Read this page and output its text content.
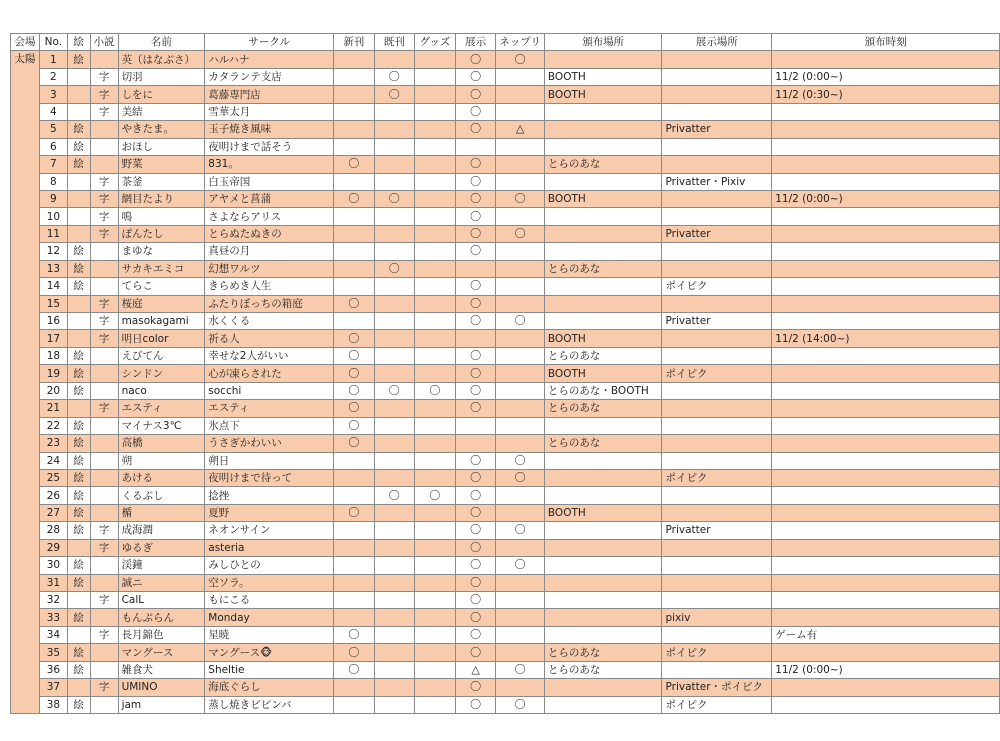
会場	No.	絵	小説	名前	サークル	新刊	既刊	グッズ	展示	ネップリ	頒布場所	展示場所	頒布時刻
太陽	1	絵		英（はなぶさ）	ハルハナ				〇	〇			
	2		字	切羽	カタランテ支店		〇		〇		BOOTH		11/2 (0:00~)
	3		字	しをに	葛藤専門店		〇		〇		BOOTH		11/2 (0:30~)
	4		字	美結	雪華太月				〇				
	5	絵		やきたま。	玉子焼き風味				〇	△		Privatter	
	6	絵		おほし	夜明けまで話そう								
	7	絵		野菜	831。	〇			〇		とらのあな		
	8		字	茶釜	白玉帝国				〇			Privatter・Pixiv	
	9		字	網目たより	アヤメと菖蒲	〇	〇		〇	〇	BOOTH		11/2 (0:00~)
	10		字	鳴	さよならアリス				〇				
	11		字	ぽんたし	とらぬたぬきの				〇	〇		Privatter	
	12	絵		まゆな	真昼の月				〇				
	13	絵		サカキエミコ	幻想ワルツ		〇				とらのあな		
	14	絵		てらこ	きらめき人生				〇			ポイピク	
	15		字	桜庭	ふたりぼっちの箱庭	〇			〇				
	16		字	masokagami	水くくる				〇	〇		Privatter	
	17		字	明日color	祈る人	〇					BOOTH		11/2 (14:00~)
	18	絵		えびてん	幸せな2人がいい	〇			〇		とらのあな		
	19	絵		シンドン	心が凍らされた	〇			〇		BOOTH	ポイピク	
	20	絵		naco	socchi	〇	〇	〇	〇		とらのあな・BOOTH		
	21		字	エスティ	エスティ	〇			〇		とらのあな		
	22	絵		マイナス3℃	氷点下	〇							
	23	絵		高橋	うさぎかわいい	〇					とらのあな		
	24	絵		朔	朔日				〇	〇			
	25	絵		あける	夜明けまで待って				〇	〇		ポイピク	
	26	絵		くるぶし	捻挫		〇	〇	〇				
	27	絵		楯	夏野	〇			〇		BOOTH		
	28	絵	字	成海潤	ネオンサイン				〇	〇		Privatter	
	29		字	ゆるぎ	asteria				〇				
	30	絵		渓鐘	みしひとの				〇	〇			
	31	絵		誠ニ	空ソラ。				〇				
	32		字	CalL	もにこる				〇				
	33	絵		もんぷらん	Monday				〇			pixiv	
	34		字	長月錦色	星暁	〇			〇				ゲーム有
	35	絵		マングース	マングース🐵	〇			〇		とらのあな	ポイピク	
	36	絵		雑食犬	Sheltie	〇			△	〇	とらのあな		11/2 (0:00~)
	37		字	UMINO	海底ぐらし				〇			Privatter・ポイピク	
	38	絵		jam	蒸し焼きビビンバ				〇	〇		ポイピク	
